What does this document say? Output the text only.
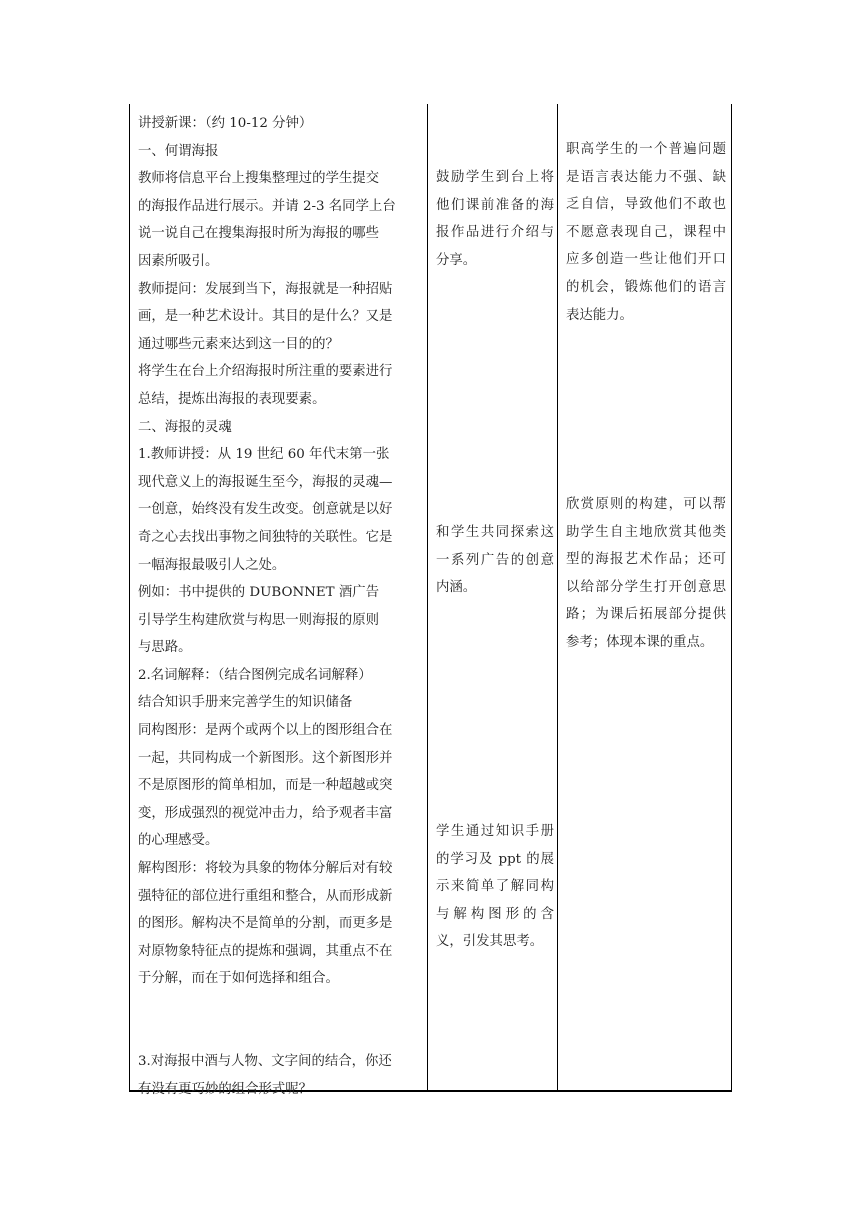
讲授新课：（约 10-12 分钟）
一、何谓海报
教师将信息平台上搜集整理过的学生提交
的海报作品进行展示。并请 2-3 名同学上台
说一说自己在搜集海报时所为海报的哪些
因素所吸引。
教师提问：发展到当下，海报就是一种招贴
画，是一种艺术设计。其目的是什么？又是
通过哪些元素来达到这一目的的？
将学生在台上介绍海报时所注重的要素进行
总结，提炼出海报的表现要素。
二、海报的灵魂
1.教师讲授：从 19 世纪 60 年代末第一张
现代意义上的海报诞生至今，海报的灵魂—
一创意，始终没有发生改变。创意就是以好
奇之心去找出事物之间独特的关联性。它是
一幅海报最吸引人之处。
例如：书中提供的 DUBONNET 酒广告
引导学生构建欣赏与构思一则海报的原则
与思路。
2.名词解释：（结合图例完成名词解释）
结合知识手册来完善学生的知识储备
同构图形：是两个或两个以上的图形组合在
一起，共同构成一个新图形。这个新图形并
不是原图形的简单相加，而是一种超越或突
变，形成强烈的视觉冲击力，给予观者丰富
的心理感受。
解构图形：将较为具象的物体分解后对有较
强特征的部位进行重组和整合，从而形成新
的图形。解构决不是简单的分割，而更多是
对原物象特征点的提炼和强调，其重点不在
于分解，而在于如何选择和组合。
3.对海报中酒与人物、文字间的结合，你还
有没有更巧妙的组合形式呢？
鼓励学生到台上将他们课前准备的海报作品进行介绍与分享。
和学生共同探索这一系列广告的创意内涵。
学生通过知识手册的学习及 ppt 的展示来简单了解同构与解构图形的含义，引发其思考。
职高学生的一个普遍问题是语言表达能力不强、缺乏自信，导致他们不敢也不愿意表现自己，课程中应多创造一些让他们开口的机会，锻炼他们的语言表达能力。
欣赏原则的构建，可以帮助学生自主地欣赏其他类型的海报艺术作品；还可以给部分学生打开创意思路；为课后拓展部分提供参考；体现本课的重点。
